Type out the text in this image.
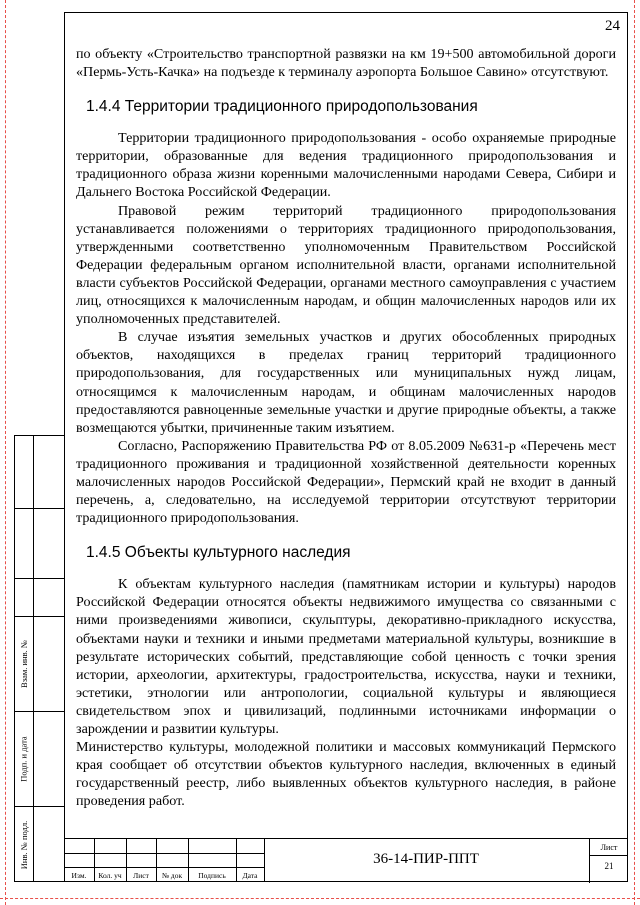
24

по объекту «Строительство транспортной развязки на км 19+500 автомобильной дороги «Пермь-Усть-Качка» на подъезде к терминалу аэропорта Большое Савино» отсутствуют.

1.4.4 Территории традиционного природопользования

Территории традиционного природопользования - особо охраняемые природные территории, образованные для ведения традиционного природопользования и традиционного образа жизни коренными малочисленными народами Севера, Сибири и Дальнего Востока Российской Федерации.

Правовой режим территорий традиционного природопользования устанавливается положениями о территориях традиционного природопользования, утвержденными соответственно уполномоченным Правительством Российской Федерации федеральным органом исполнительной власти, органами исполнительной власти субъектов Российской Федерации, органами местного самоуправления с участием лиц, относящихся к малочисленным народам, и общин малочисленных народов или их уполномоченных представителей.

В случае изъятия земельных участков и других обособленных природных объектов, находящихся в пределах границ территорий традиционного природопользования, для государственных или муниципальных нужд лицам, относящимся к малочисленным народам, и общинам малочисленных народов предоставляются равноценные земельные участки и другие природные объекты, а также возмещаются убытки, причиненные таким изъятием.

Согласно, Распоряжению Правительства РФ от 8.05.2009 №631-р «Перечень мест традиционного проживания и традиционной хозяйственной деятельности коренных малочисленных народов Российской Федерации», Пермский край не входит в данный перечень, а, следовательно, на исследуемой территории отсутствуют территории традиционного природопользования.

1.4.5 Объекты культурного наследия

К объектам культурного наследия (памятникам истории и культуры) народов Российской Федерации относятся объекты недвижимого имущества со связанными с ними произведениями живописи, скульптуры, декоративно-прикладного искусства, объектами науки и техники и иными предметами материальной культуры, возникшие в результате исторических событий, представляющие собой ценность с точки зрения истории, археологии, архитектуры, градостроительства, искусства, науки и техники, эстетики, этнологии или антропологии, социальной культуры и являющиеся свидетельством эпох и цивилизаций, подлинными источниками информации о зарождении и развитии культуры.

Министерство культуры, молодежной политики и массовых коммуникаций Пермского края сообщает об отсутствии объектов культурного наследия, включенных в единый государственный реестр, либо выявленных объектов культурного наследия, в районе проведения работ.

Взам. инв. №
Подп. и дата
Инв. № подл.
Изм.	Кол. уч	Лист	№ док	Подпись	Дата
36-14-ПИР-ППТ
Лист
21
